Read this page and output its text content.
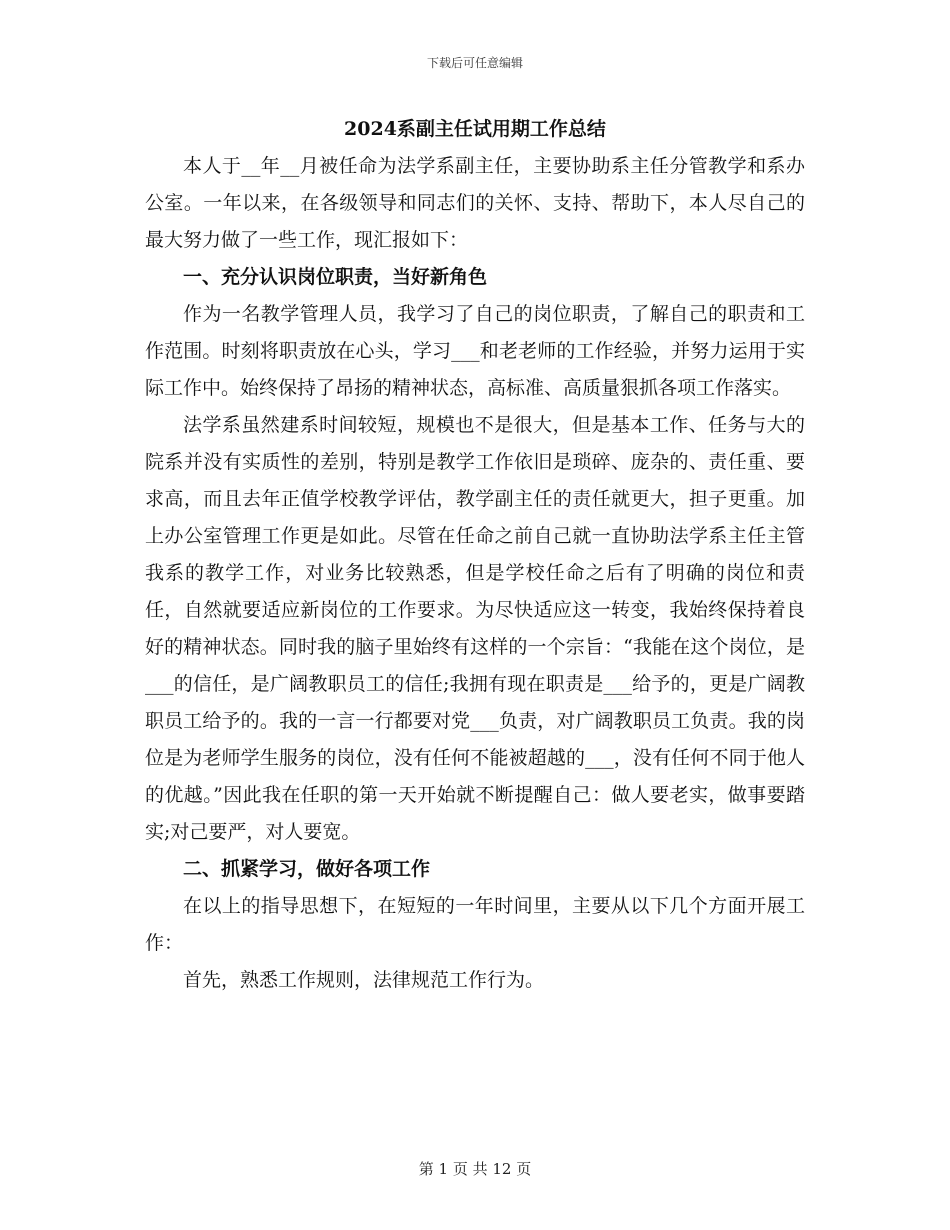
下载后可任意编辑
2024系副主任试用期工作总结

本人于__年__月被任命为法学系副主任，主要协助系主任分管教学和系办公室。一年以来，在各级领导和同志们的关怀、支持、帮助下，本人尽自己的最大努力做了一些工作，现汇报如下：

一、充分认识岗位职责，当好新角色

作为一名教学管理人员，我学习了自己的岗位职责，了解自己的职责和工作范围。时刻将职责放在心头，学习___和老老师的工作经验，并努力运用于实际工作中。始终保持了昂扬的精神状态，高标准、高质量狠抓各项工作落实。

法学系虽然建系时间较短，规模也不是很大，但是基本工作、任务与大的院系并没有实质性的差别，特别是教学工作依旧是琐碎、庞杂的、责任重、要求高，而且去年正值学校教学评估，教学副主任的责任就更大，担子更重。加上办公室管理工作更是如此。尽管在任命之前自己就一直协助法学系主任主管我系的教学工作，对业务比较熟悉，但是学校任命之后有了明确的岗位和责任，自然就要适应新岗位的工作要求。为尽快适应这一转变，我始终保持着良好的精神状态。同时我的脑子里始终有这样的一个宗旨：“我能在这个岗位，是___的信任，是广阔教职员工的信任;我拥有现在职责是___给予的，更是广阔教职员工给予的。我的一言一行都要对党___负责，对广阔教职员工负责。我的岗位是为老师学生服务的岗位，没有任何不能被超越的___，没有任何不同于他人的优越。”因此我在任职的第一天开始就不断提醒自己：做人要老实，做事要踏实;对己要严，对人要宽。

二、抓紧学习，做好各项工作

在以上的指导思想下，在短短的一年时间里，主要从以下几个方面开展工作：

首先，熟悉工作规则，法律规范工作行为。

第 1 页 共 12 页
